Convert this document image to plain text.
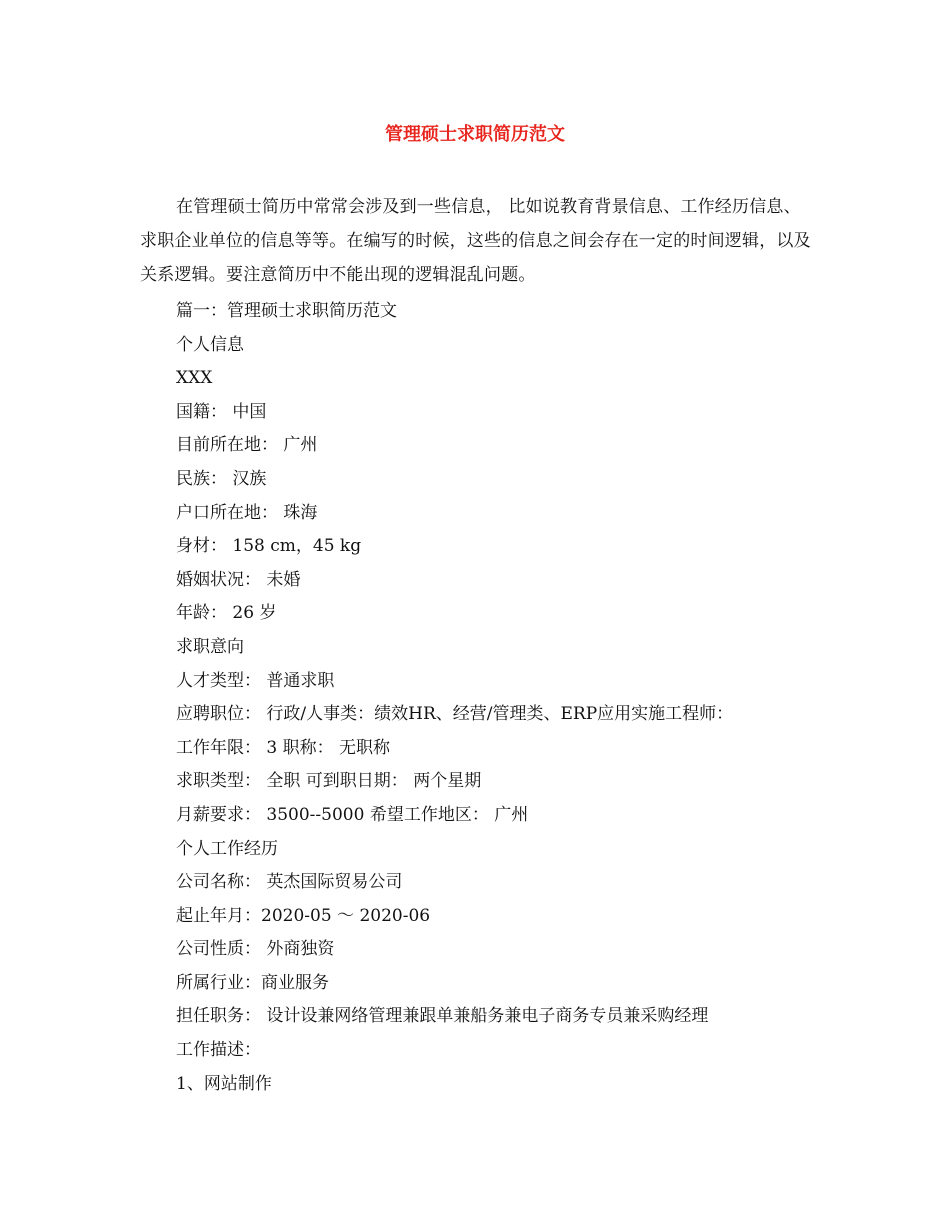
管理硕士求职简历范文

在管理硕士简历中常常会涉及到一些信息， 比如说教育背景信息、工作经历信息、求职企业单位的信息等等。在编写的时候，这些的信息之间会存在一定的时间逻辑，以及关系逻辑。要注意简历中不能出现的逻辑混乱问题。

篇一：管理硕士求职简历范文
个人信息
XXX
国籍： 中国
目前所在地： 广州
民族： 汉族
户口所在地： 珠海
身材： 158 cm，45 kg
婚姻状况： 未婚
年龄： 26 岁
求职意向
人才类型： 普通求职
应聘职位： 行政/人事类：绩效HR、经营/管理类、ERP应用实施工程师：
工作年限： 3 职称： 无职称
求职类型： 全职 可到职日期： 两个星期
月薪要求： 3500--5000 希望工作地区： 广州
个人工作经历
公司名称： 英杰国际贸易公司
起止年月：2020-05 ～ 2020-06
公司性质： 外商独资
所属行业：商业服务
担任职务： 设计设兼网络管理兼跟单兼船务兼电子商务专员兼采购经理
工作描述：
1、网站制作
